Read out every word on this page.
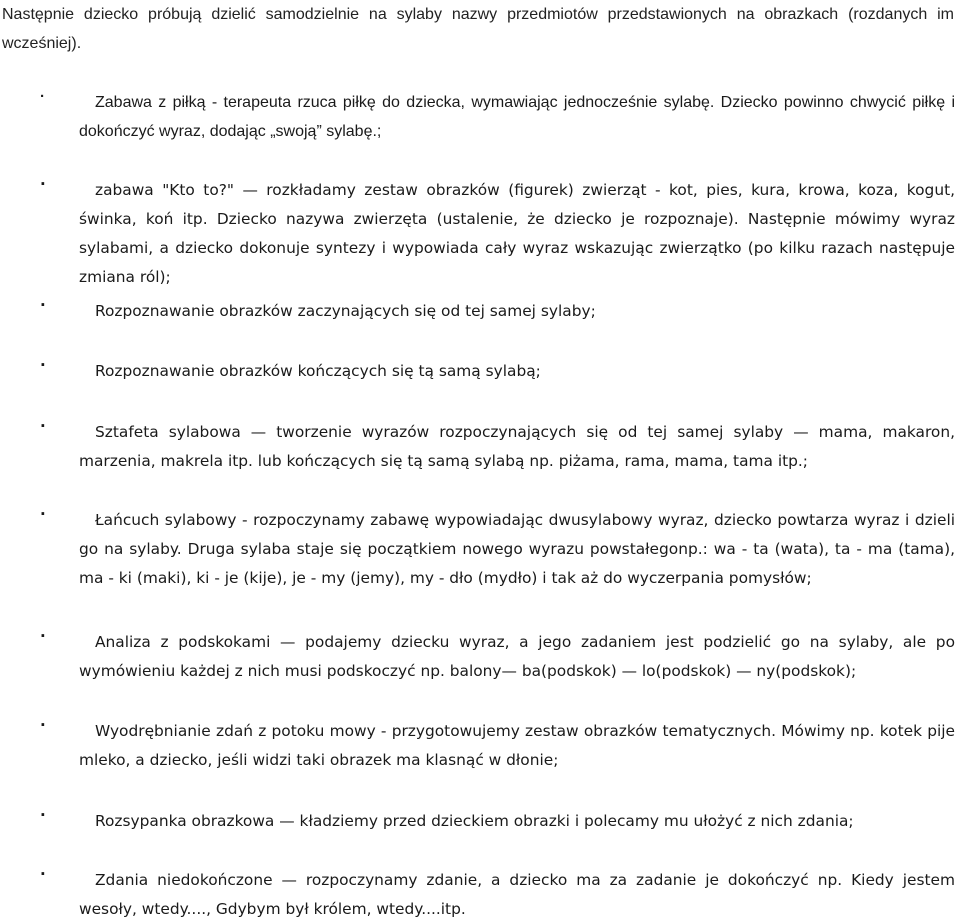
Następnie dziecko próbują dzielić samodzielnie na sylaby nazwy przedmiotów przedstawionych na obrazkach (rozdanych im wcześniej).
·	Zabawa z piłką - terapeuta rzuca piłkę do dziecka, wymawiając jednocześnie sylabę. Dziecko powinno chwycić piłkę i dokończyć wyraz, dodając „swoją” sylabę.;
·	zabawa "Kto to?" — rozkładamy zestaw obrazków (figurek) zwierząt - kot, pies, kura, krowa, koza, kogut, świnka, koń itp. Dziecko nazywa zwierzęta (ustalenie, że dziecko je rozpoznaje). Następnie mówimy wyraz sylabami, a dziecko dokonuje syntezy i wypowiada cały wyraz wskazując zwierzątko (po kilku razach następuje zmiana ról);
·	Rozpoznawanie obrazków zaczynających się od tej samej sylaby;
·	Rozpoznawanie obrazków kończących się tą samą sylabą;
·	Sztafeta sylabowa — tworzenie wyrazów rozpoczynających się od tej samej sylaby — mama, makaron, marzenia, makrela itp. lub kończących się tą samą sylabą np. piżama, rama, mama, tama itp.;
·	Łańcuch sylabowy - rozpoczynamy zabawę wypowiadając dwusylabowy wyraz, dziecko powtarza wyraz i dzieli go na sylaby. Druga sylaba staje się początkiem nowego wyrazu powstałegonp.: wa - ta (wata), ta - ma (tama), ma - ki (maki), ki - je (kije), je - my (jemy), my - dło (mydło) i tak aż do wyczerpania pomysłów;
·	Analiza z podskokami — podajemy dziecku wyraz, a jego zadaniem jest podzielić go na sylaby, ale po wymówieniu każdej z nich musi podskoczyć np. balony— ba(podskok) — lo(podskok) — ny(podskok);
·	Wyodrębnianie zdań z potoku mowy - przygotowujemy zestaw obrazków tematycznych. Mówimy np. kotek pije mleko, a dziecko, jeśli widzi taki obrazek ma klasnąć w dłonie;
·	Rozsypanka obrazkowa — kładziemy przed dzieckiem obrazki i polecamy mu ułożyć z nich zdania;
·	Zdania niedokończone — rozpoczynamy zdanie, a dziecko ma za zadanie je dokończyć np. Kiedy jestem wesoły, wtedy...., Gdybym był królem, wtedy....itp.
